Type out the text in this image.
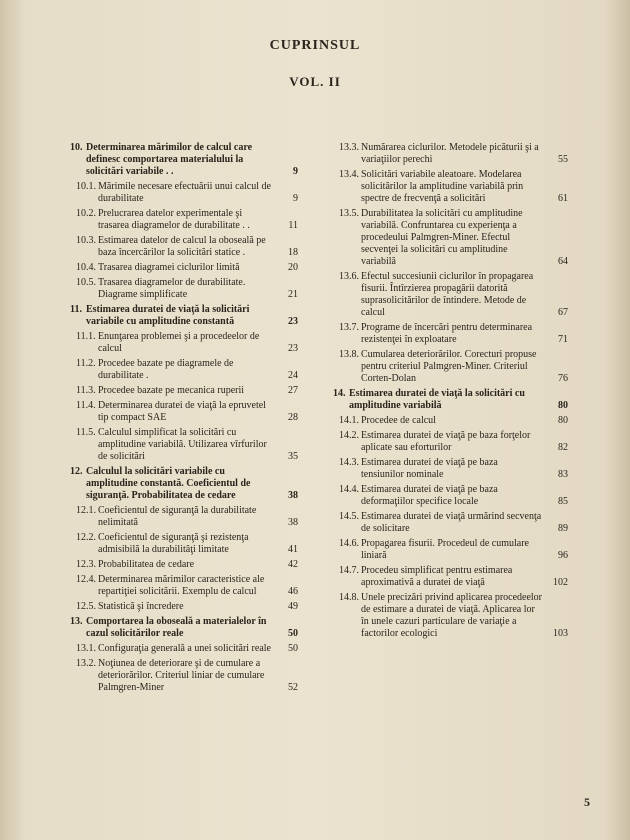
CUPRINSUL
VOL. II
10. Determinarea mărimilor de calcul care definesc comportarea materialului la solicitări variabile . .	9
10.1. Mărimile necesare efectuării unui calcul de durabilitate	9
10.2. Prelucrarea datelor experimentale şi trasarea diagramelor de durabilitate . .	11
10.3. Estimarea datelor de calcul la oboseală pe baza încercărilor la solicitări statice .	18
10.4. Trasarea diagramei ciclurilor limită	20
10.5. Trasarea diagramelor de durabilitate. Diagrame simplificate	21
11. Estimarea duratei de viaţă la solicitări variabile cu amplitudine constantă	23
11.1. Enunţarea problemei şi a procedeelor de calcul	23
11.2. Procedee bazate pe diagramele de durabilitate .	24
11.3. Procedee bazate pe mecanica ruperii	27
11.4. Determinarea duratei de viaţă la epruvetel tip compact SAE	28
11.5. Calculul simplificat la solicitări cu amplitudine variabilă. Utilizarea vîrfurilor de solicitări	35
12. Calculul la solicitări variabile cu amplitudine constantă. Coeficientul de siguranţă. Probabilitatea de cedare	38
12.1. Coeficientul de siguranţă la durabilitate nelimitată	38
12.2. Coeficientul de siguranţă şi rezistenţa admisibilă la durabilităţi limitate	41
12.3. Probabilitatea de cedare	42
12.4. Determinarea mărimilor caracteristice ale repartiţiei solicitării. Exemplu de calcul	46
12.5. Statistică şi încredere	49
13. Comportarea la oboseală a materialelor în cazul solicitărilor reale	50
13.1. Configuraţia generală a unei solicitări reale 50
13.2. Noţiunea de deteriorare şi de cumulare a deteriorărilor. Criteriul liniar de cumulare Palmgren-Miner	52
13.3. Numărarea ciclurilor. Metodele picăturii şi a variaţiilor perechi	55
13.4. Solicitări variabile aleatoare. Modelarea solicitărilor la amplitudine variabilă prin spectre de frecvenţă a solicitări	61
13.5. Durabilitatea la solicitări cu amplitudine variabilă. Confruntarea cu experienţa a procedeului Palmgren-Miner. Efectul secvenţei la solicitări cu amplitudine variabilă	64
13.6. Efectul succesiunii ciclurilor în propagarea fisurii. Întîrzierea propagării datorită suprasolicitărilor de întindere. Metode de calcul	67
13.7. Programe de încercări pentru determinarea rezistenţei în exploatare	71
13.8. Cumularea deteriorărilor. Corecturi propuse pentru criteriul Palmgren-Miner. Criteriul Corten-Dolan	76
14. Estimarea duratei de viaţă la solicitări cu amplitudine variabilă	80
14.1. Procedee de calcul	80
14.2. Estimarea duratei de viaţă pe baza forţelor aplicate sau eforturilor	82
14.3. Estimarea duratei de viaţă pe baza tensiunilor nominale	83
14.4. Estimarea duratei de viaţă pe baza deformaţiilor specifice locale	85
14.5. Estimarea duratei de viaţă urmărind secvenţa de solicitare	89
14.6. Propagarea fisurii. Procedeul de cumulare liniară	96
14.7. Procedeu simplificat pentru estimarea aproximativă a duratei de viaţă	102
14.8. Unele precizări privind aplicarea procedeelor de estimare a duratei de viaţă. Aplicarea lor în unele cazuri particulare de variaţie a factorilor ecologici	103
5
